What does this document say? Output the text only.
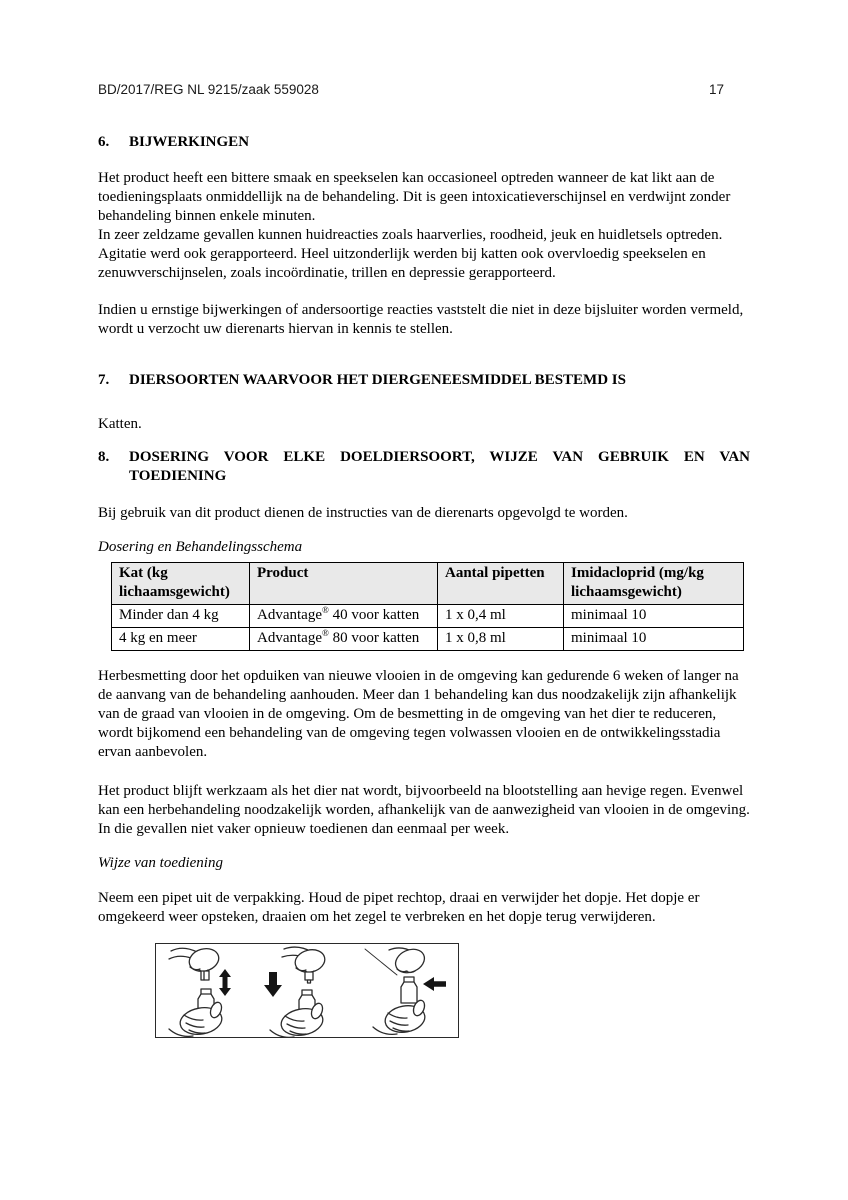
BD/2017/REG NL 9215/zaak 559028	17
6.	BIJWERKINGEN
Het product heeft een bittere smaak en speekselen kan occasioneel optreden wanneer de kat likt aan de toedieningsplaats onmiddellijk na de behandeling. Dit is geen intoxicatieverschijnsel en verdwijnt zonder behandeling binnen enkele minuten.
In zeer zeldzame gevallen kunnen huidreacties zoals haarverlies, roodheid, jeuk en huidletsels optreden. Agitatie werd ook gerapporteerd. Heel uitzonderlijk werden bij katten ook overvloedig speekselen en zenuwverschijnselen, zoals incoördinatie, trillen en depressie gerapporteerd.
Indien u ernstige bijwerkingen of andersoortige reacties vaststelt die niet in deze bijsluiter worden vermeld, wordt u verzocht uw dierenarts hiervan in kennis te stellen.
7.	DIERSOORTEN WAARVOOR HET DIERGENEESMIDDEL BESTEMD IS
Katten.
8.	DOSERING VOOR ELKE DOELDIERSOORT, WIJZE VAN GEBRUIK EN VAN
TOEDIENING
Bij gebruik van dit product dienen de instructies van de dierenarts opgevolgd te worden.
Dosering en Behandelingsschema
Kat (kg lichaamsgewicht)	Product	Aantal pipetten	Imidacloprid (mg/kg lichaamsgewicht)
Minder dan 4 kg	Advantage® 40 voor katten	1 x 0,4 ml	minimaal 10
4 kg en meer	Advantage® 80 voor katten	1 x 0,8 ml	minimaal 10
Herbesmetting door het opduiken van nieuwe vlooien in de omgeving kan gedurende 6 weken of langer na de aanvang van de behandeling aanhouden. Meer dan 1 behandeling kan dus noodzakelijk zijn afhankelijk van de graad van vlooien in de omgeving. Om de besmetting in de omgeving van het dier te reduceren, wordt bijkomend een behandeling van de omgeving tegen volwassen vlooien en de ontwikkelingsstadia ervan aanbevolen.
Het product blijft werkzaam als het dier nat wordt, bijvoorbeeld na blootstelling aan hevige regen. Evenwel kan een herbehandeling noodzakelijk worden, afhankelijk van de aanwezigheid van vlooien in de omgeving.
In die gevallen niet vaker opnieuw toedienen dan eenmaal per week.
Wijze van toediening
Neem een pipet uit de verpakking. Houd de pipet rechtop, draai en verwijder het dopje. Het dopje er omgekeerd weer opsteken, draaien om het zegel te verbreken en het dopje terug verwijderen.
